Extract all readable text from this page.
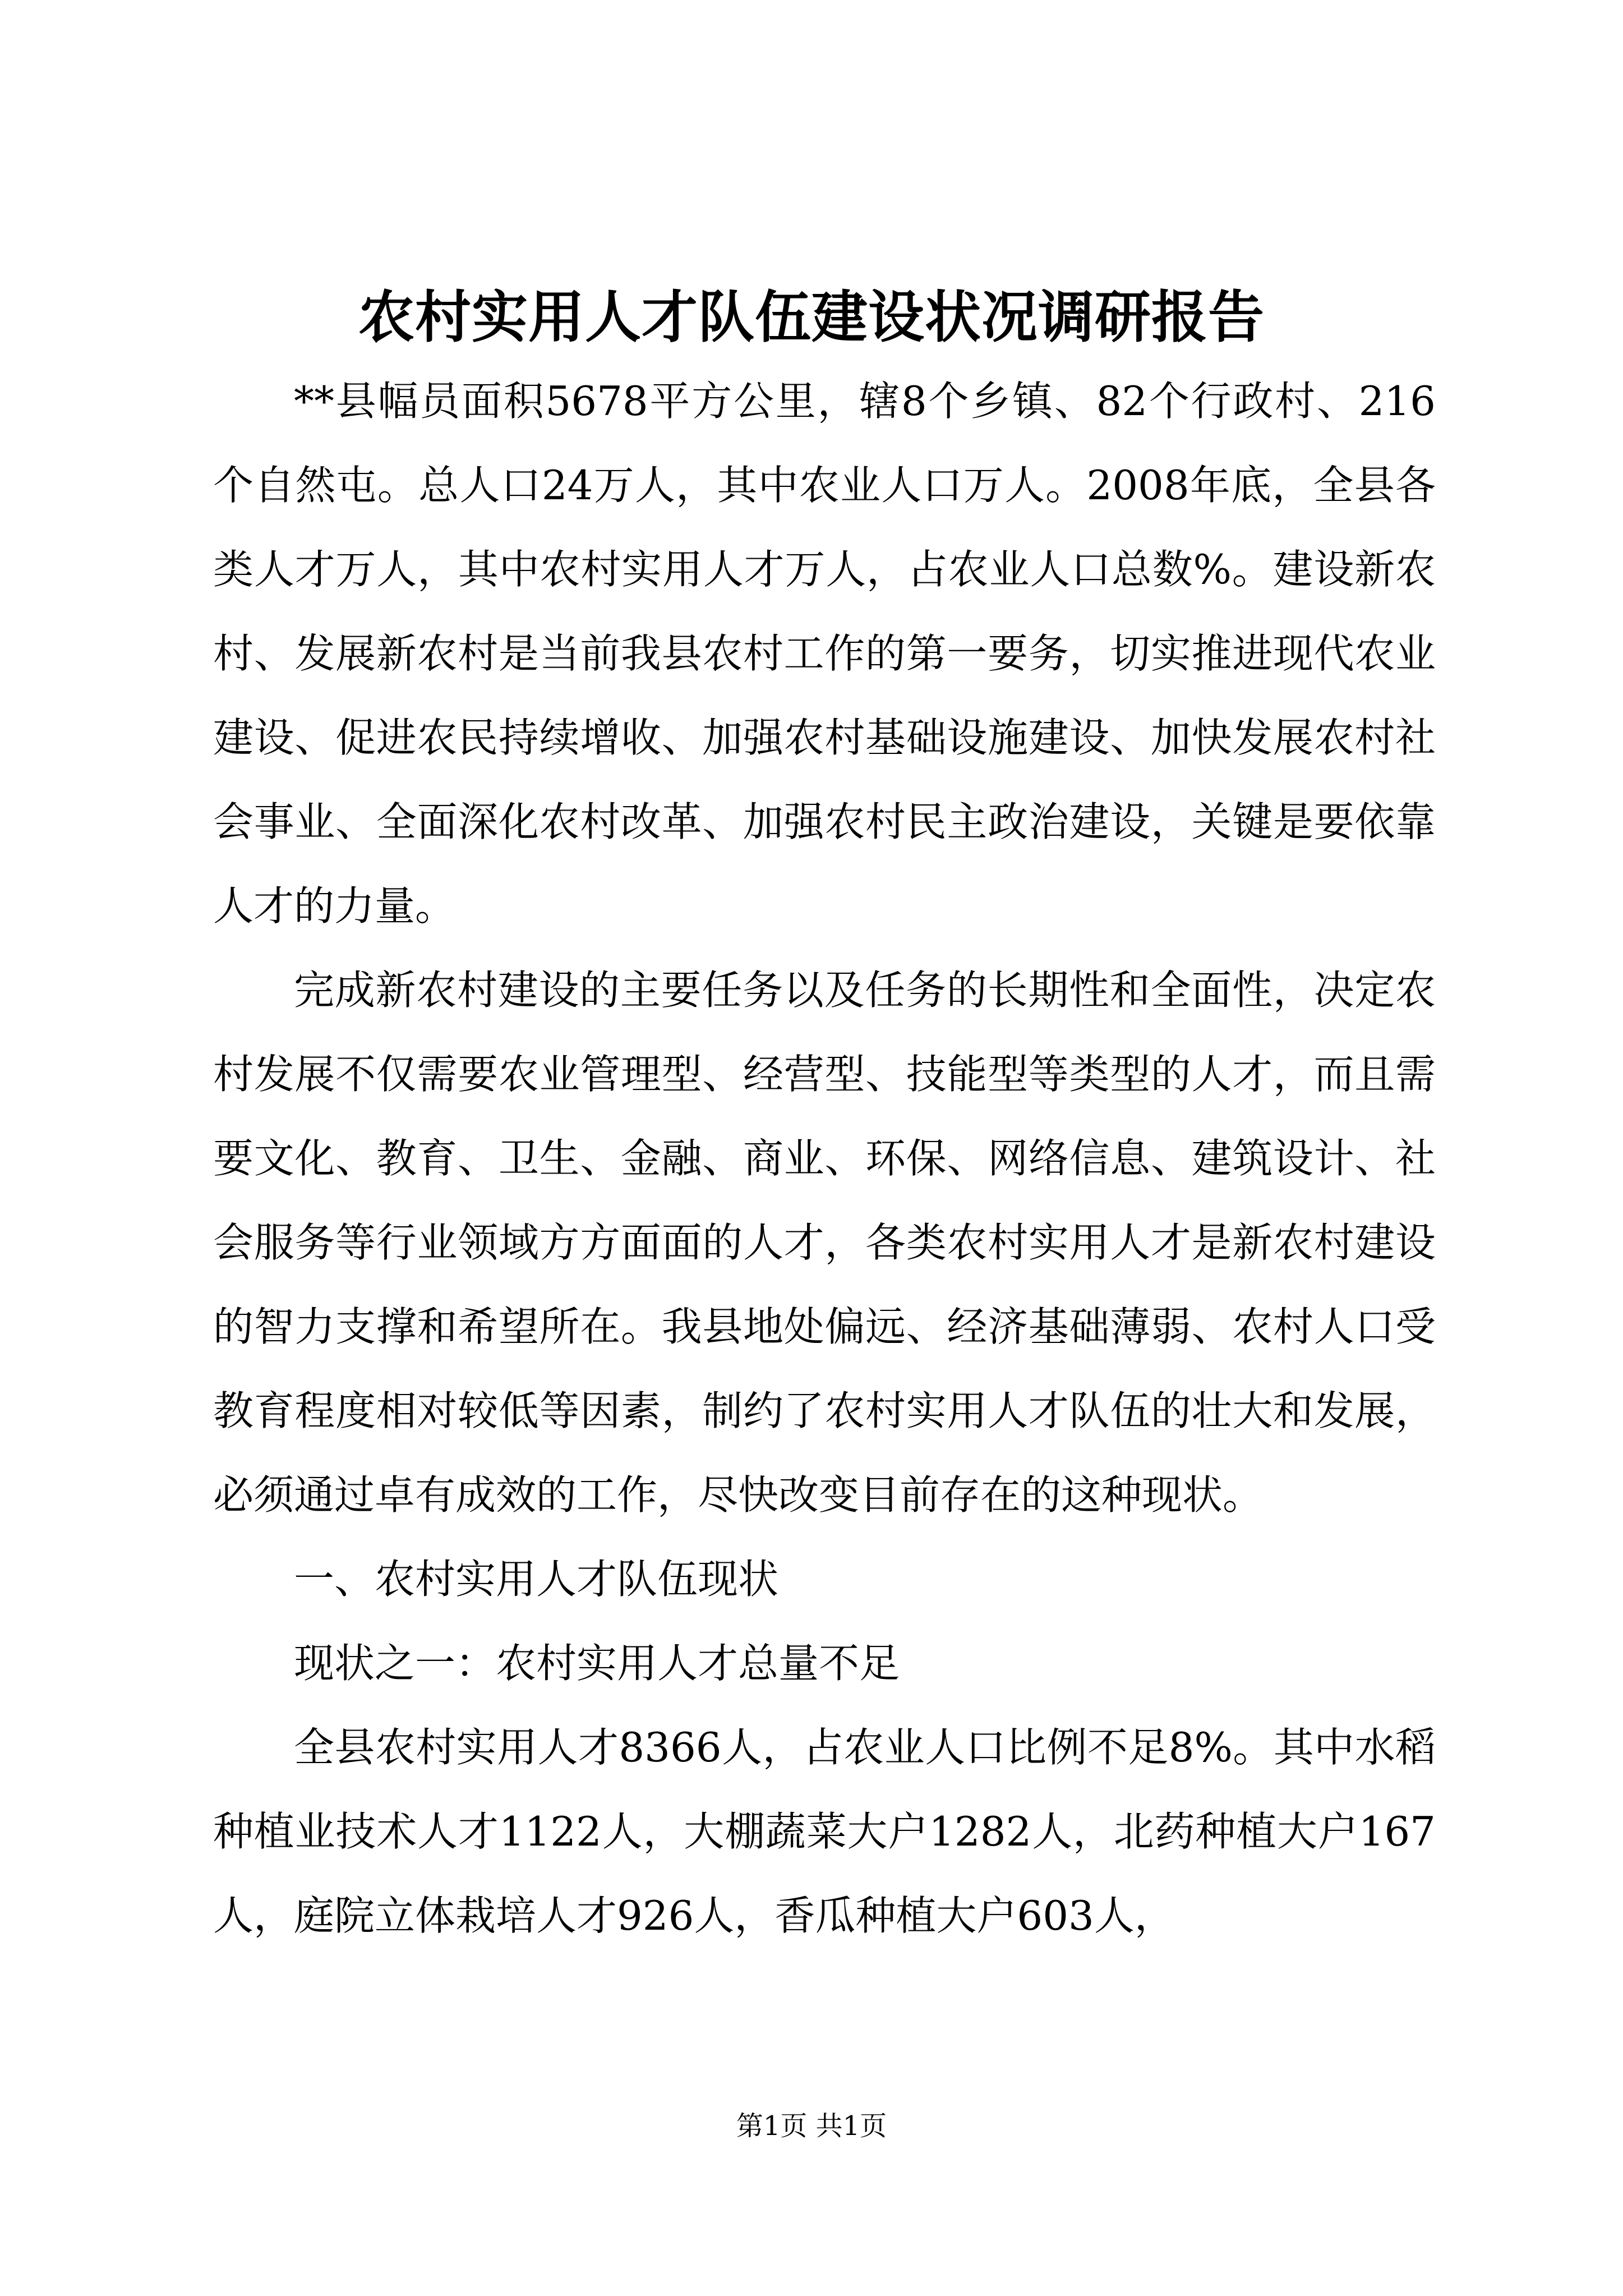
农村实用人才队伍建设状况调研报告

**县幅员面积5678平方公里，辖8个乡镇、82个行政村、216个自然屯。总人口24万人，其中农业人口万人。2008年底，全县各类人才万人，其中农村实用人才万人，占农业人口总数%。建设新农村、发展新农村是当前我县农村工作的第一要务，切实推进现代农业建设、促进农民持续增收、加强农村基础设施建设、加快发展农村社会事业、全面深化农村改革、加强农村民主政治建设，关键是要依靠人才的力量。

完成新农村建设的主要任务以及任务的长期性和全面性，决定农村发展不仅需要农业管理型、经营型、技能型等类型的人才，而且需要文化、教育、卫生、金融、商业、环保、网络信息、建筑设计、社会服务等行业领域方方面面的人才，各类农村实用人才是新农村建设的智力支撑和希望所在。我县地处偏远、经济基础薄弱、农村人口受教育程度相对较低等因素，制约了农村实用人才队伍的壮大和发展，必须通过卓有成效的工作，尽快改变目前存在的这种现状。

一、农村实用人才队伍现状

现状之一：农村实用人才总量不足

全县农村实用人才8366人，占农业人口比例不足8%。其中水稻种植业技术人才1122人，大棚蔬菜大户1282人，北药种植大户167人，庭院立体栽培人才926人，香瓜种植大户603人，

第1页 共1页
